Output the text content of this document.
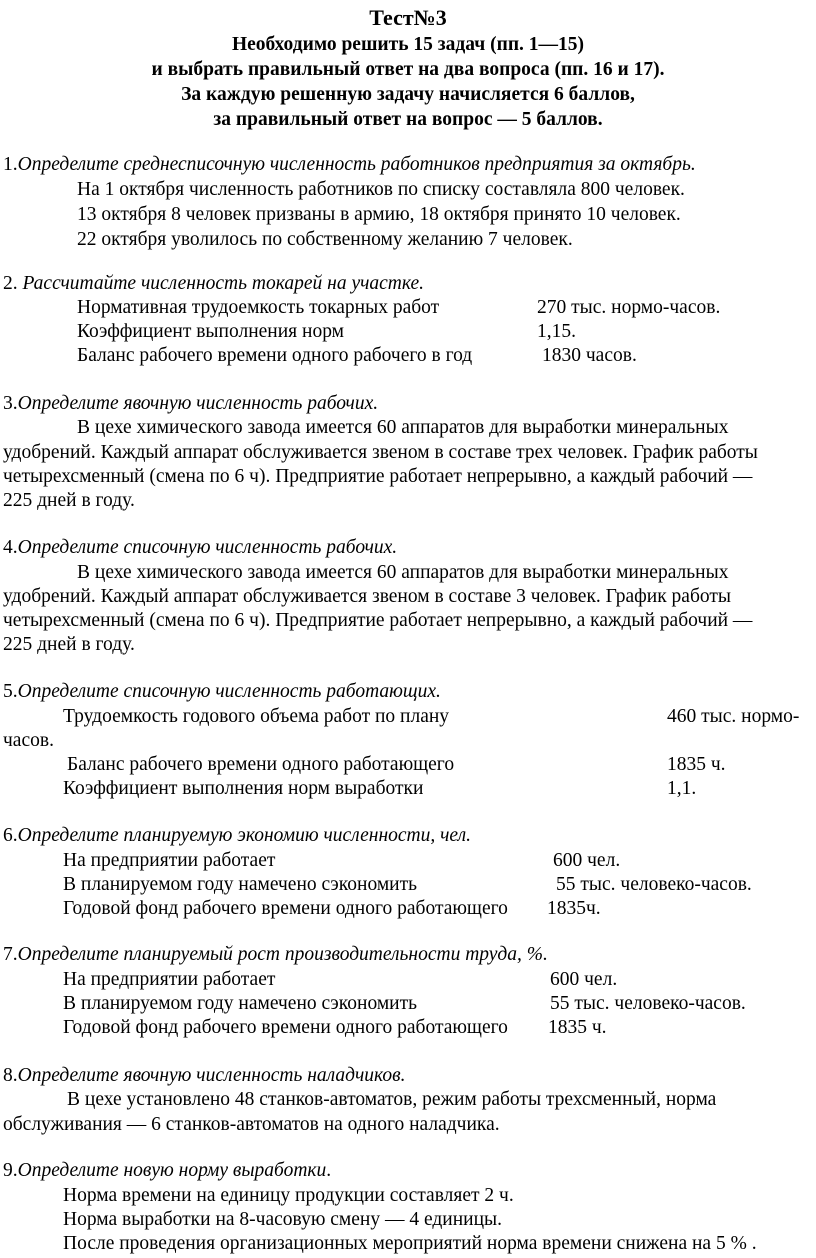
Тест№3
Необходимо решить 15 задач (пп. 1—15)
и выбрать правильный ответ на два вопроса (пп. 16 и 17).
За каждую решенную задачу начисляется 6 баллов,
за правильный ответ на вопрос — 5 баллов.
1.Определите среднесписочную численность работников предприятия за октябрь.
На 1 октября численность работников по списку составляла 800 человек.
13 октября 8 человек призваны в армию, 18 октября принято 10 человек.
22 октября уволилось по собственному желанию 7 человек.
2. Рассчитайте численность токарей на участке.
Нормативная трудоемкость токарных работ	270 тыс. нормо-часов.
Коэффициент выполнения норм	1,15.
Баланс рабочего времени одного рабочего в год	1830 часов.
3.Определите явочную численность рабочих.
В цехе химического завода имеется 60 аппаратов для выработки минеральных
удобрений. Каждый аппарат обслуживается звеном в составе трех человек. График работы
четырехсменный (смена по 6 ч). Предприятие работает непрерывно, а каждый рабочий —
225 дней в году.
4.Определите списочную численность рабочих.
В цехе химического завода имеется 60 аппаратов для выработки минеральных
удобрений. Каждый аппарат обслуживается звеном в составе 3 человек. График работы
четырехсменный (смена по 6 ч). Предприятие работает непрерывно, а каждый рабочий —
225 дней в году.
5.Определите списочную численность работающих.
Трудоемкость годового объема работ по плану	460 тыс. нормо-
часов.
Баланс рабочего времени одного работающего	1835 ч.
Коэффициент выполнения норм выработки	1,1.
6.Определите планируемую экономию численности, чел.
На предприятии работает	600 чел.
В планируемом году намечено сэкономить	55 тыс. человеко-часов.
Годовой фонд рабочего времени одного работающего 1835ч.
7.Определите планируемый рост производительности труда, %.
На предприятии работает	600 чел.
В планируемом году намечено сэкономить	55 тыс. человеко-часов.
Годовой фонд рабочего времени одного работающего 1835 ч.
8.Определите явочную численность наладчиков.
В цехе установлено 48 станков-автоматов, режим работы трехсменный, норма
обслуживания — 6 станков-автоматов на одного наладчика.
9.Определите новую норму выработки.
Норма времени на единицу продукции составляет 2 ч.
Норма выработки на 8-часовую смену — 4 единицы.
После проведения организационных мероприятий норма времени снижена на 5 % .
